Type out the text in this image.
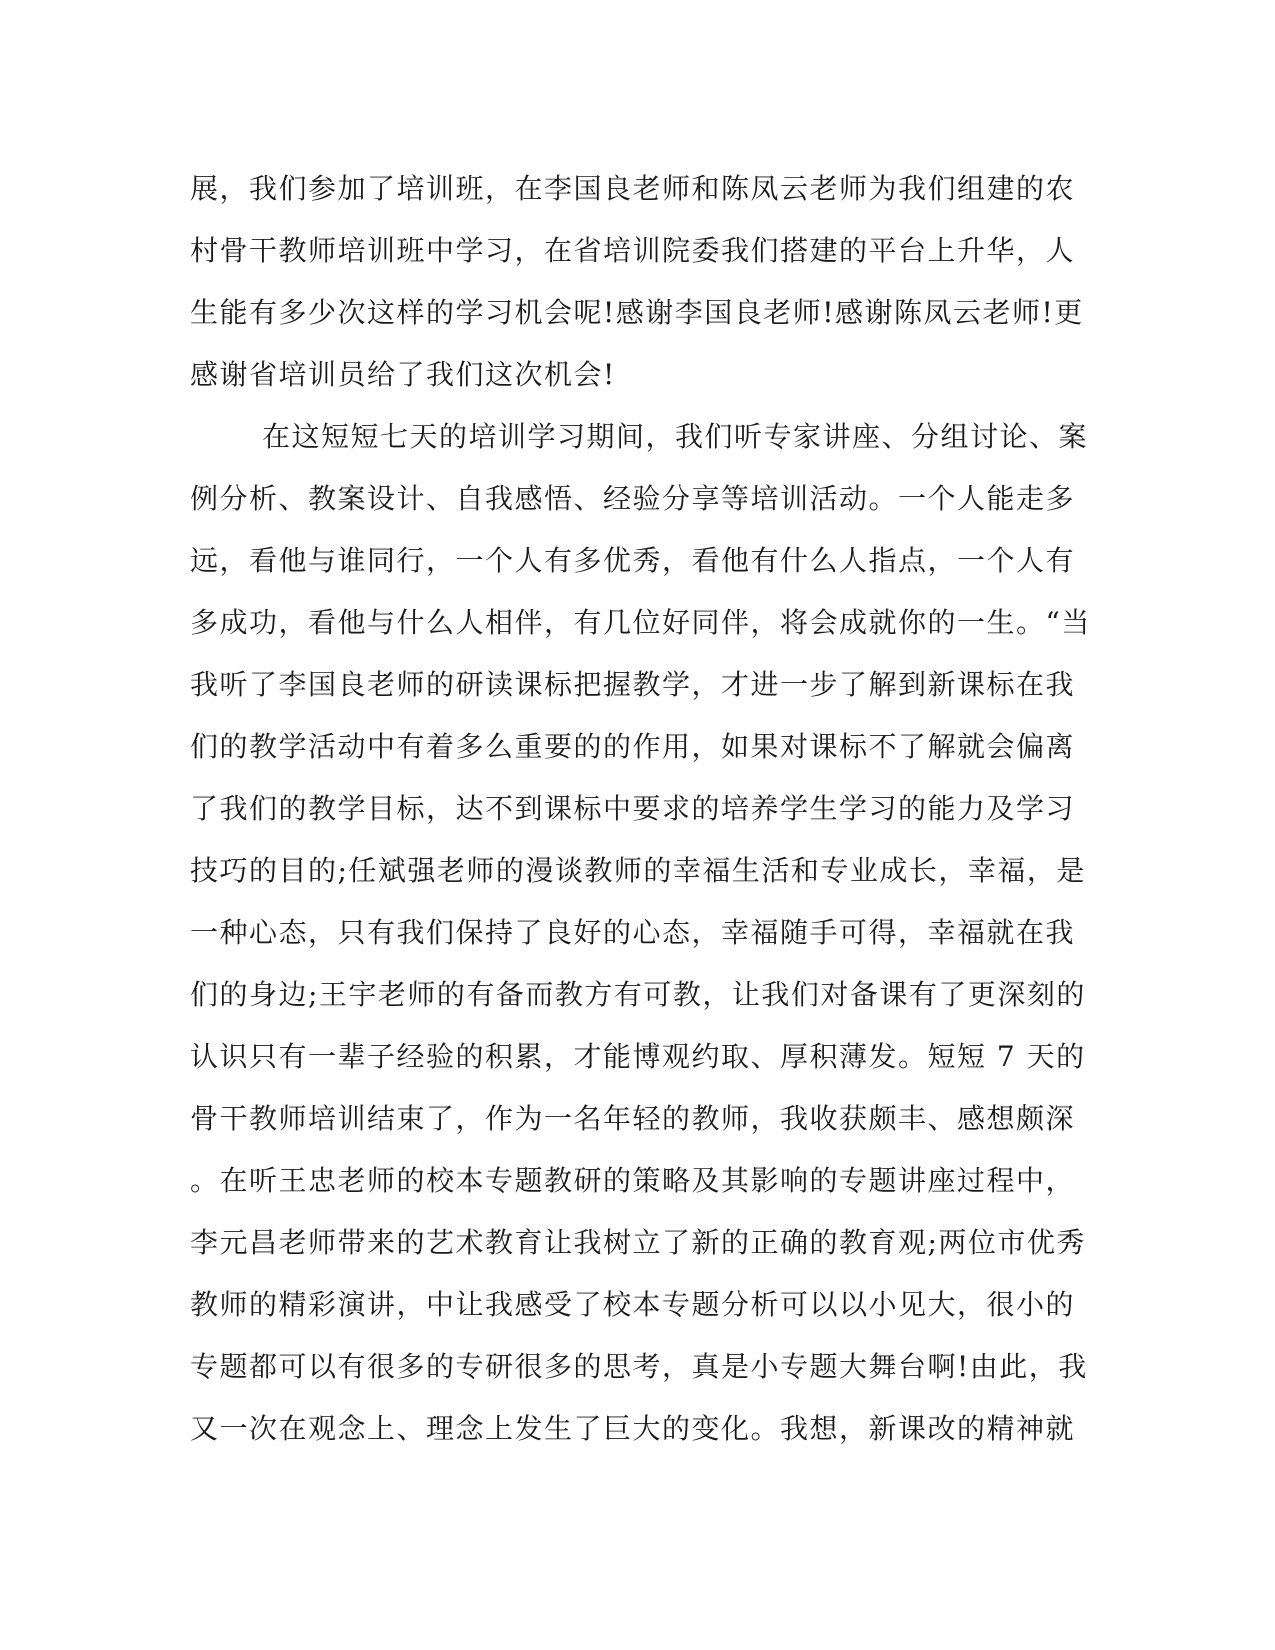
展，我们参加了培训班，在李国良老师和陈凤云老师为我们组建的农
村骨干教师培训班中学习，在省培训院委我们搭建的平台上升华，人
生能有多少次这样的学习机会呢!感谢李国良老师!感谢陈凤云老师!更
感谢省培训员给了我们这次机会!
在这短短七天的培训学习期间，我们听专家讲座、分组讨论、案
例分析、教案设计、自我感悟、经验分享等培训活动。一个人能走多
远，看他与谁同行，一个人有多优秀，看他有什么人指点，一个人有
多成功，看他与什么人相伴，有几位好同伴，将会成就你的一生。“当
我听了李国良老师的研读课标把握教学，才进一步了解到新课标在我
们的教学活动中有着多么重要的的作用，如果对课标不了解就会偏离
了我们的教学目标，达不到课标中要求的培养学生学习的能力及学习
技巧的目的;任斌强老师的漫谈教师的幸福生活和专业成长，幸福，是
一种心态，只有我们保持了良好的心态，幸福随手可得，幸福就在我
们的身边;王宇老师的有备而教方有可教，让我们对备课有了更深刻的
认识只有一辈子经验的积累，才能博观约取、厚积薄发。短短 7 天的
骨干教师培训结束了，作为一名年轻的教师，我收获颇丰、感想颇深
。在听王忠老师的校本专题教研的策略及其影响的专题讲座过程中，
李元昌老师带来的艺术教育让我树立了新的正确的教育观;两位市优秀
教师的精彩演讲，中让我感受了校本专题分析可以以小见大，很小的
专题都可以有很多的专研很多的思考，真是小专题大舞台啊!由此，我
又一次在观念上、理念上发生了巨大的变化。我想，新课改的精神就
